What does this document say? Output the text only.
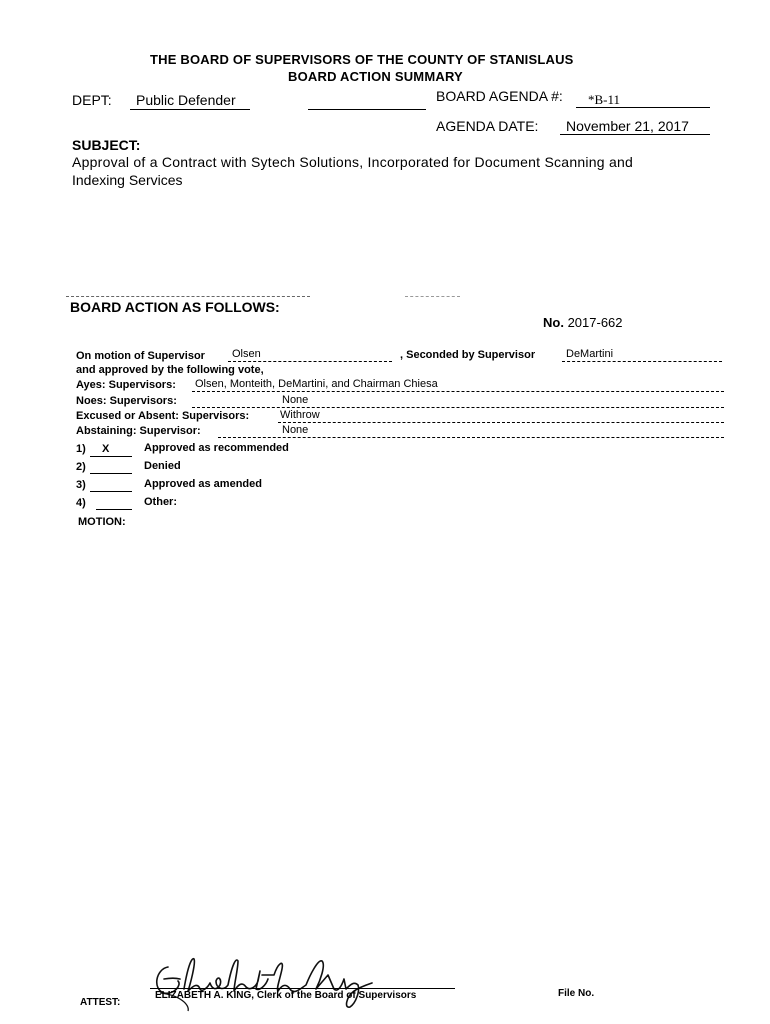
THE BOARD OF SUPERVISORS OF THE COUNTY OF STANISLAUS
BOARD ACTION SUMMARY
DEPT: Public Defender	BOARD AGENDA #: *B-11
AGENDA DATE: November 21, 2017
SUBJECT:
Approval of a Contract with Sytech Solutions, Incorporated for Document Scanning and
Indexing Services
BOARD ACTION AS FOLLOWS:
No. 2017-662
On motion of Supervisor Olsen	, Seconded by Supervisor	DeMartini
and approved by the following vote,
Ayes: Supervisors: Olsen, Monteith, DeMartini, and Chairman Chiesa
Noes: Supervisors:	None
Excused or Absent: Supervisors:	Withrow
Abstaining: Supervisor:	None
1) X	Approved as recommended
2)	Denied
3)	Approved as amended
4)	Other:
MOTION:
ATTEST:
ELIZABETH A. KING, Clerk of the Board of Supervisors	File No.
